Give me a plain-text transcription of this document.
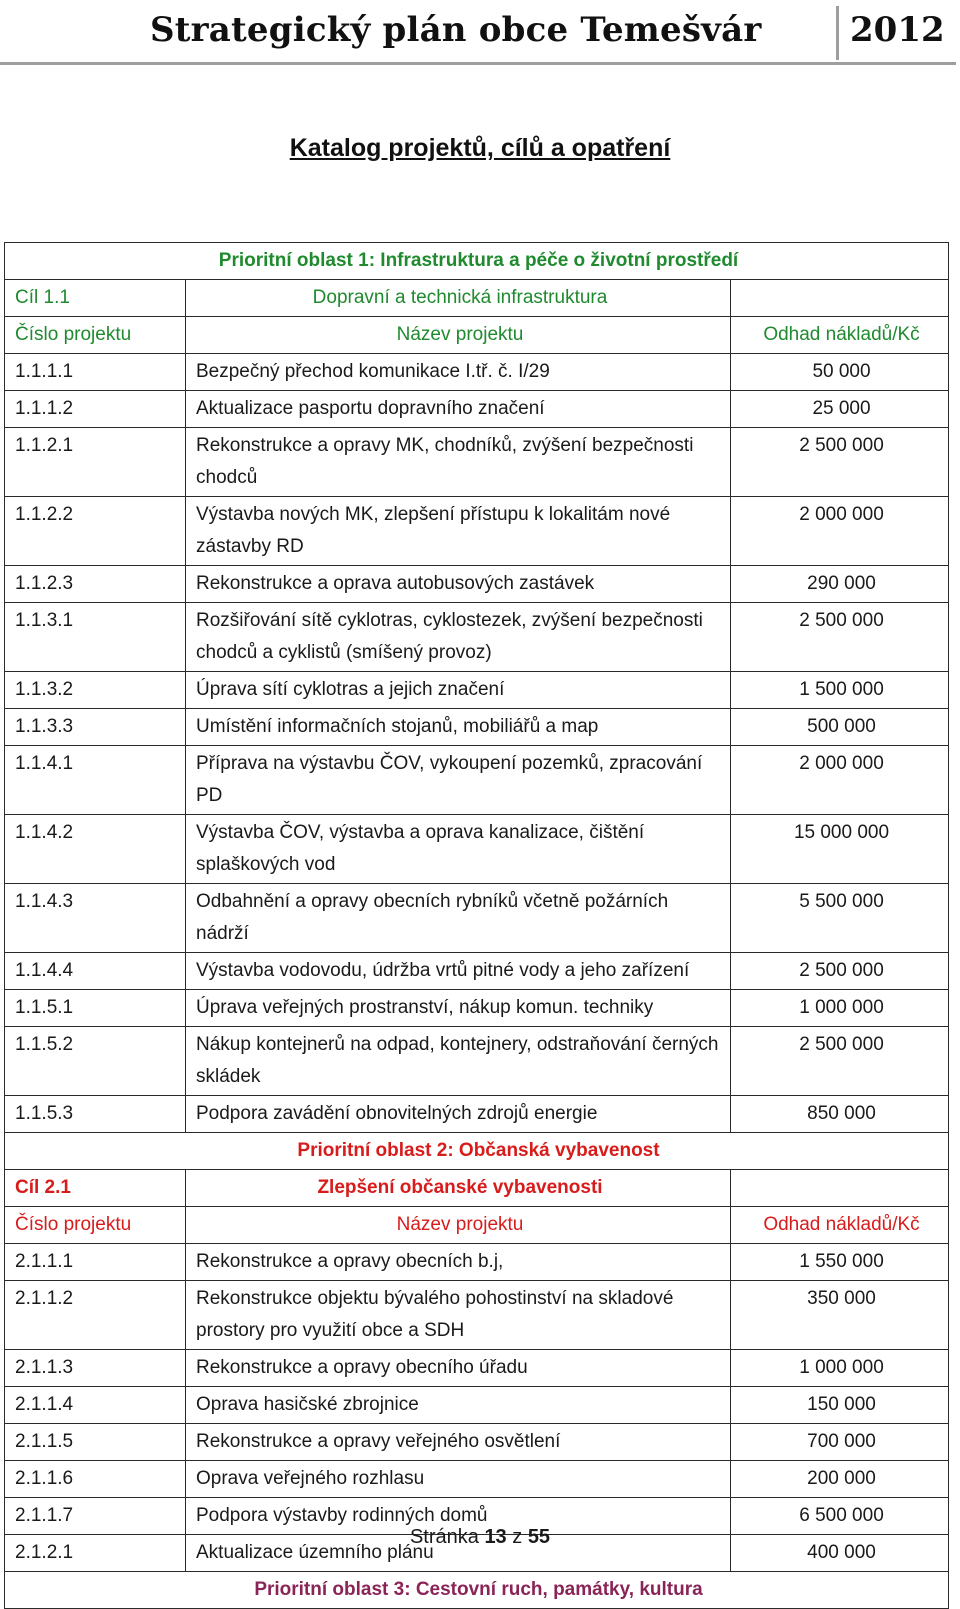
Strategický plán obce Temešvár	2012
Katalog projektů, cílů a opatření
Prioritní oblast 1: Infrastruktura a péče o životní prostředí		
Cíl 1.1	Dopravní a technická infrastruktura	
Číslo projektu	Název projektu	Odhad nákladů/Kč
1.1.1.1	Bezpečný přechod komunikace I.tř. č. I/29	50 000
1.1.1.2	Aktualizace pasportu dopravního značení	25 000
1.1.2.1	Rekonstrukce a opravy MK, chodníků, zvýšení bezpečnosti chodců	2 500 000
1.1.2.2	Výstavba nových MK, zlepšení přístupu k lokalitám nové zástavby RD	2 000 000
1.1.2.3	Rekonstrukce a oprava autobusových zastávek	290 000
1.1.3.1	Rozšiřování sítě cyklotras, cyklostezek, zvýšení bezpečnosti chodců a cyklistů (smíšený provoz)	2 500 000
1.1.3.2	Úprava sítí cyklotras a jejich značení	1 500 000
1.1.3.3	Umístění informačních stojanů, mobiliářů a map	500 000
1.1.4.1	Příprava na výstavbu ČOV, vykoupení pozemků, zpracování PD	2 000 000
1.1.4.2	Výstavba ČOV, výstavba a oprava kanalizace, čištění splaškových vod	15 000 000
1.1.4.3	Odbahnění a opravy obecních rybníků včetně požárních nádrží	5 500 000
1.1.4.4	Výstavba vodovodu, údržba vrtů pitné vody a jeho zařízení	2 500 000
1.1.5.1	Úprava veřejných prostranství, nákup komun. techniky	1 000 000
1.1.5.2	Nákup kontejnerů na odpad, kontejnery, odstraňování černých skládek	2 500 000
1.1.5.3	Podpora zavádění obnovitelných zdrojů energie	850 000
Prioritní oblast 2: Občanská vybavenost		
Cíl 2.1	Zlepšení občanské vybavenosti	
Číslo projektu	Název projektu	Odhad nákladů/Kč
2.1.1.1	Rekonstrukce a opravy obecních b.j,	1 550 000
2.1.1.2	Rekonstrukce objektu bývalého pohostinství na skladové prostory pro využití obce a SDH	350 000
2.1.1.3	Rekonstrukce a opravy obecního úřadu	1 000 000
2.1.1.4	Oprava hasičské zbrojnice	150 000
2.1.1.5	Rekonstrukce a opravy veřejného osvětlení	700 000
2.1.1.6	Oprava veřejného rozhlasu	200 000
2.1.1.7	Podpora výstavby rodinných domů	6 500 000
2.1.2.1	Aktualizace územního plánu	400 000
Prioritní oblast 3: Cestovní ruch, památky, kultura		
Stránka 13 z 55
